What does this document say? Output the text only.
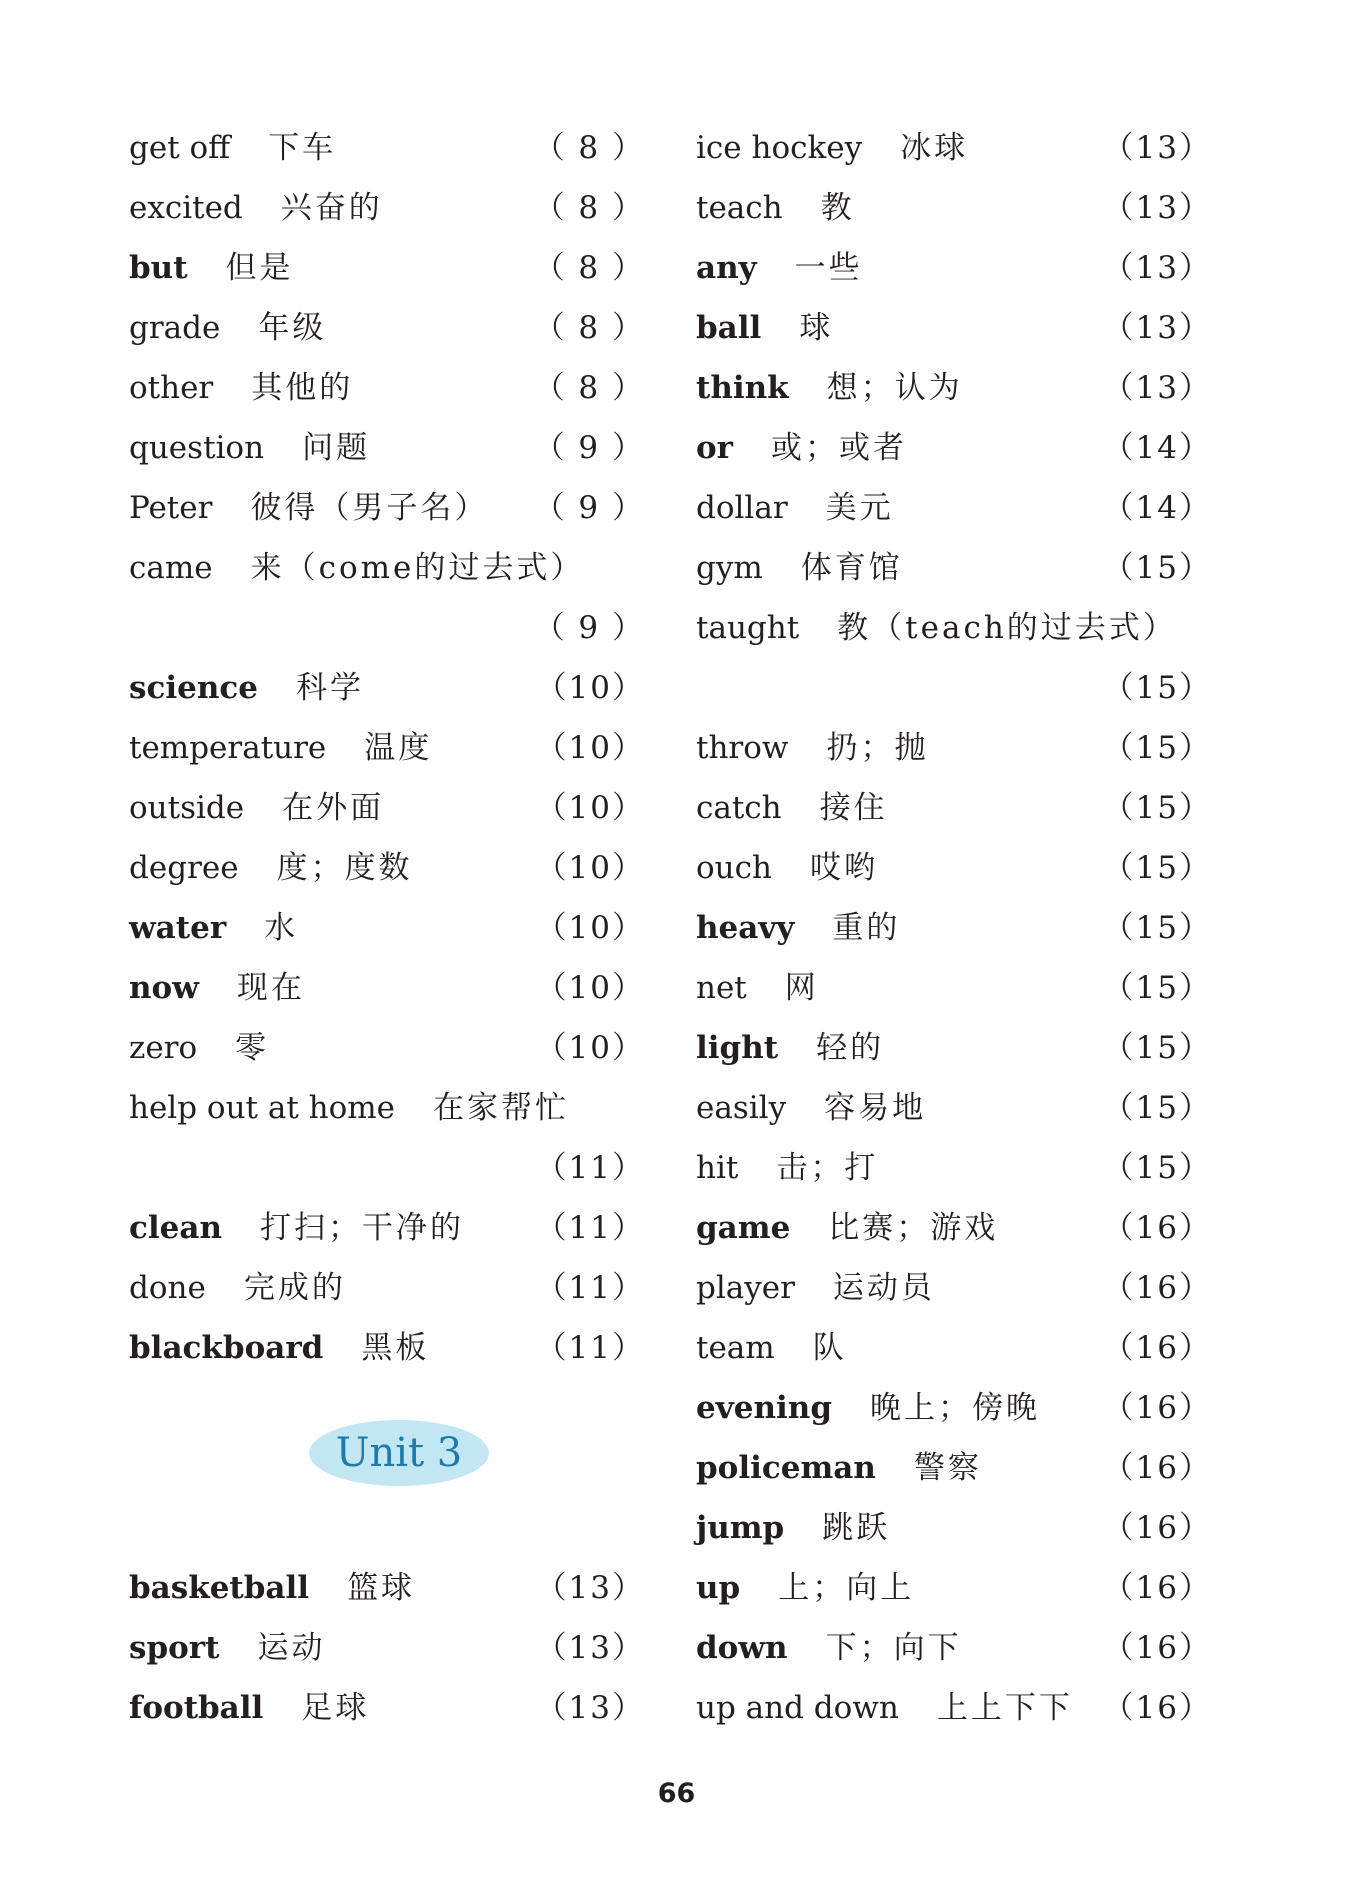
get off 下车	（ 8 ）
excited 兴奋的	（ 8 ）
but 但是	（ 8 ）
grade 年级	（ 8 ）
other 其他的	（ 8 ）
question 问题	（ 9 ）
Peter 彼得（男子名） （ 9 ）
came 来（come的过去式）
（ 9 ）
science 科学	（10）
temperature 温度	（10）
outside 在外面	（10）
degree 度；度数	（10）
water 水	（10）
now 现在	（10）
zero 零	（10）
help out at home 在家帮忙
（11）
clean 打扫；干净的 （11）
done 完成的	（11）
blackboard 黑板	（11）
Unit 3
basketball 篮球	（13）
sport 运动	（13）
football 足球	（13）
ice hockey 冰球	（13）
teach 教	（13）
any 一些	（13）
ball 球	（13）
think 想；认为	（13）
or 或；或者	（14）
dollar 美元	（14）
gym 体育馆	（15）
taught 教（teach的过去式）
（15）
throw 扔；抛	（15）
catch 接住	（15）
ouch 哎哟	（15）
heavy 重的	（15）
net 网	（15）
light 轻的	（15）
easily 容易地	（15）
hit 击；打	（15）
game 比赛；游戏	（16）
player 运动员	（16）
team 队	（16）
evening 晚上；傍晚 （16）
policeman 警察	（16）
jump 跳跃	（16）
up 上；向上	（16）
down 下；向下	（16）
up and down 上上下下 （16）
66
